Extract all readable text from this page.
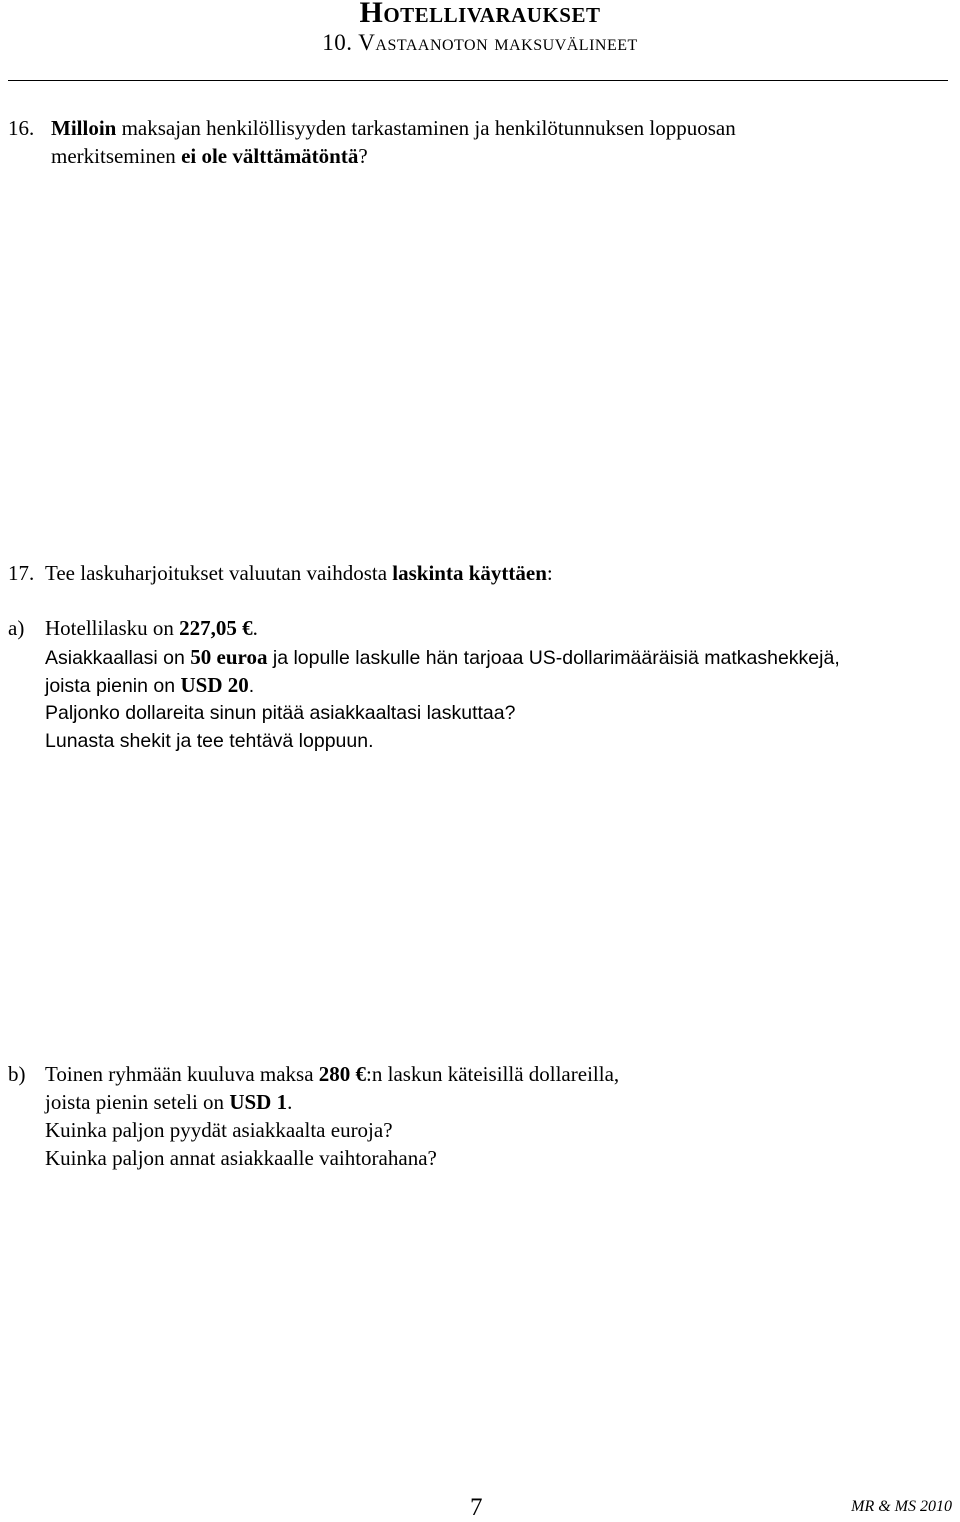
Hotellivaraukset
10. Vastaanoton maksuvälineet
16. Milloin maksajan henkilöllisyyden tarkastaminen ja henkilötunnuksen loppuosan
merkitseminen ei ole välttämätöntä?
17. Tee laskuharjoitukset valuutan vaihdosta laskinta käyttäen:
a) Hotellilasku on 227,05 €.
Asiakkaallasi on 50 euroa ja lopulle laskulle hän tarjoaa US-dollarimääräisiä matkashekkejä,
joista pienin on USD 20.
Paljonko dollareita sinun pitää asiakkaaltasi laskuttaa?
Lunasta shekit ja tee tehtävä loppuun.
b) Toinen ryhmään kuuluva maksa 280 €:n laskun käteisillä dollareilla,
joista pienin seteli on USD 1.
Kuinka paljon pyydät asiakkaalta euroja?
Kuinka paljon annat asiakkaalle vaihtorahana?
7	MR & MS 2010
